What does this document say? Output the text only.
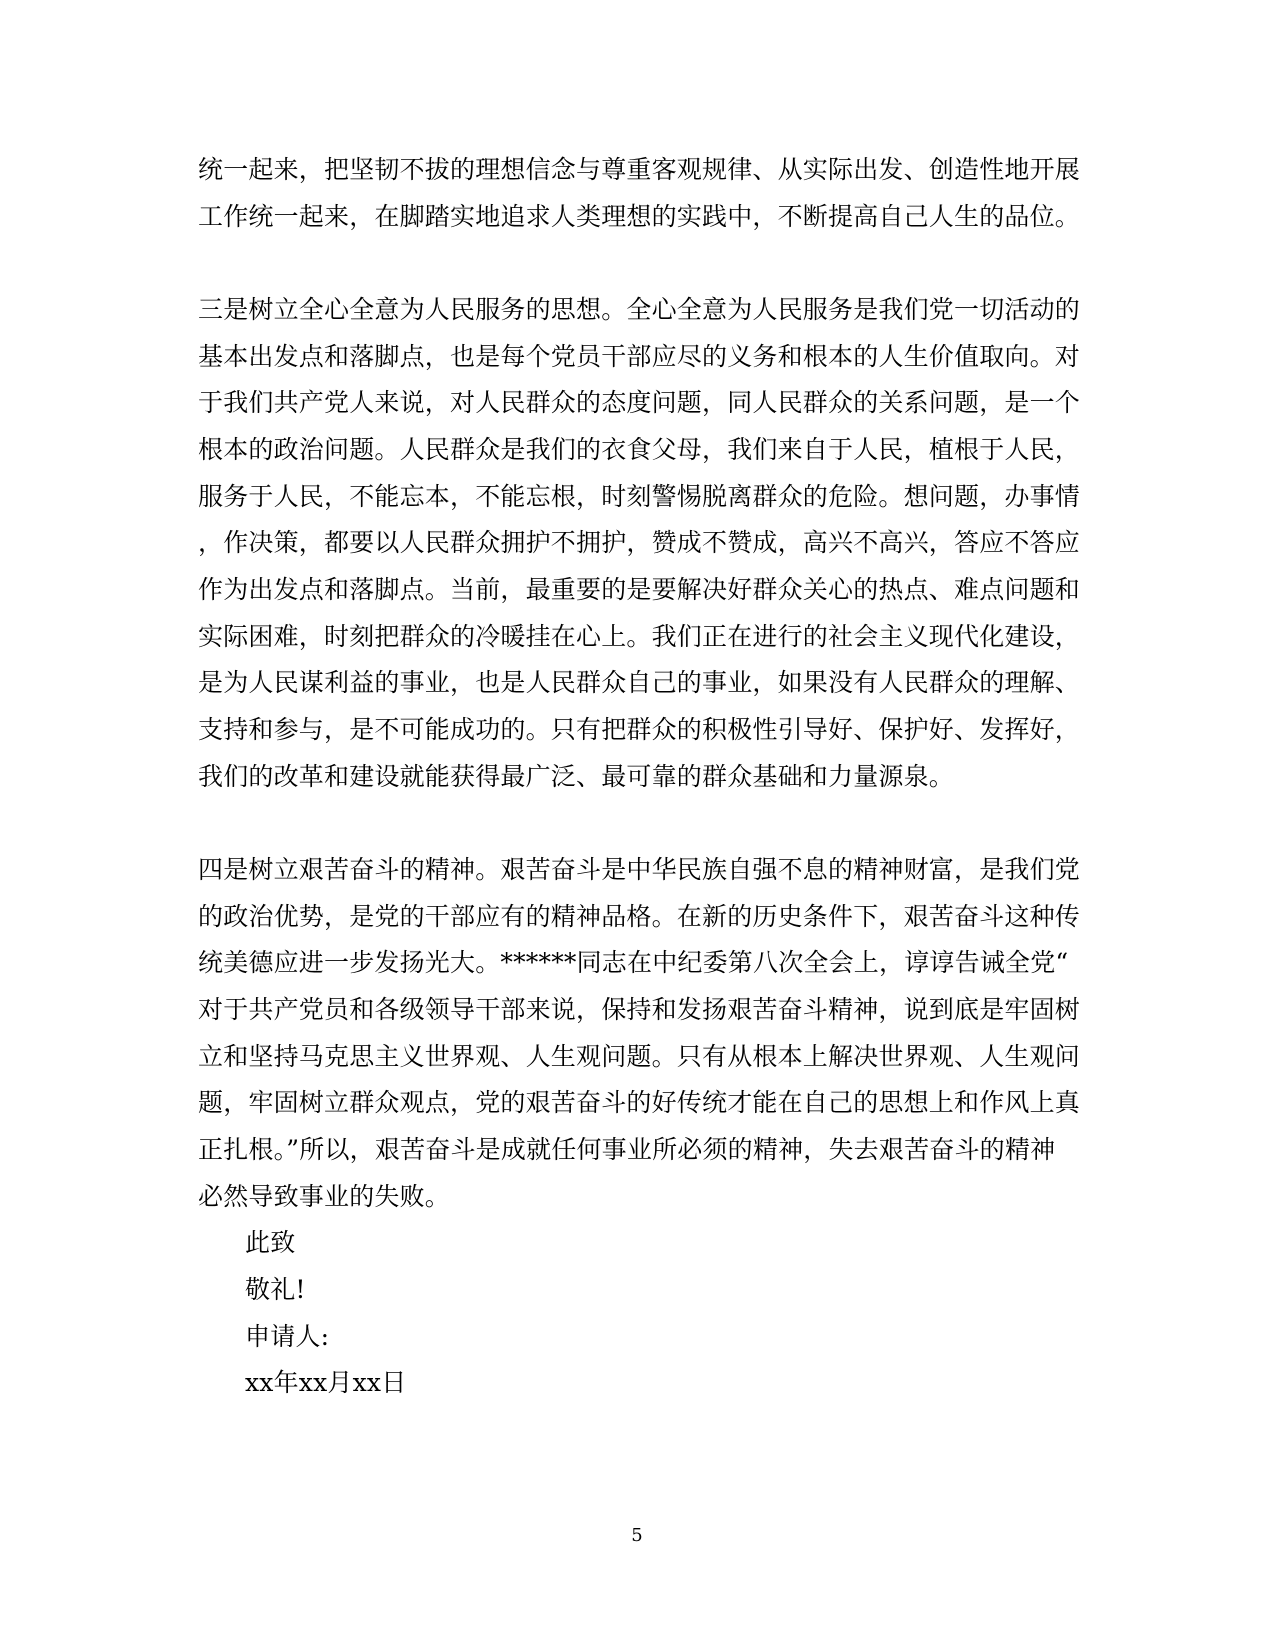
统一起来，把坚韧不拔的理想信念与尊重客观规律、从实际出发、创造性地开展
工作统一起来，在脚踏实地追求人类理想的实践中，不断提高自己人生的品位。
三是树立全心全意为人民服务的思想。全心全意为人民服务是我们党一切活动的
基本出发点和落脚点，也是每个党员干部应尽的义务和根本的人生价值取向。对
于我们共产党人来说，对人民群众的态度问题，同人民群众的关系问题，是一个
根本的政治问题。人民群众是我们的衣食父母，我们来自于人民，植根于人民，
服务于人民，不能忘本，不能忘根，时刻警惕脱离群众的危险。想问题，办事情
，作决策，都要以人民群众拥护不拥护，赞成不赞成，高兴不高兴，答应不答应
作为出发点和落脚点。当前，最重要的是要解决好群众关心的热点、难点问题和
实际困难，时刻把群众的冷暖挂在心上。我们正在进行的社会主义现代化建设，
是为人民谋利益的事业，也是人民群众自己的事业，如果没有人民群众的理解、
支持和参与，是不可能成功的。只有把群众的积极性引导好、保护好、发挥好，
我们的改革和建设就能获得最广泛、最可靠的群众基础和力量源泉。
四是树立艰苦奋斗的精神。艰苦奋斗是中华民族自强不息的精神财富，是我们党
的政治优势，是党的干部应有的精神品格。在新的历史条件下，艰苦奋斗这种传
统美德应进一步发扬光大。******同志在中纪委第八次全会上，谆谆告诫全党“
对于共产党员和各级领导干部来说，保持和发扬艰苦奋斗精神，说到底是牢固树
立和坚持马克思主义世界观、人生观问题。只有从根本上解决世界观、人生观问
题，牢固树立群众观点，党的艰苦奋斗的好传统才能在自己的思想上和作风上真
正扎根。”所以，艰苦奋斗是成就任何事业所必须的精神，失去艰苦奋斗的精神
必然导致事业的失败。
此致
敬礼!
申请人:
xx年xx月xx日
5
